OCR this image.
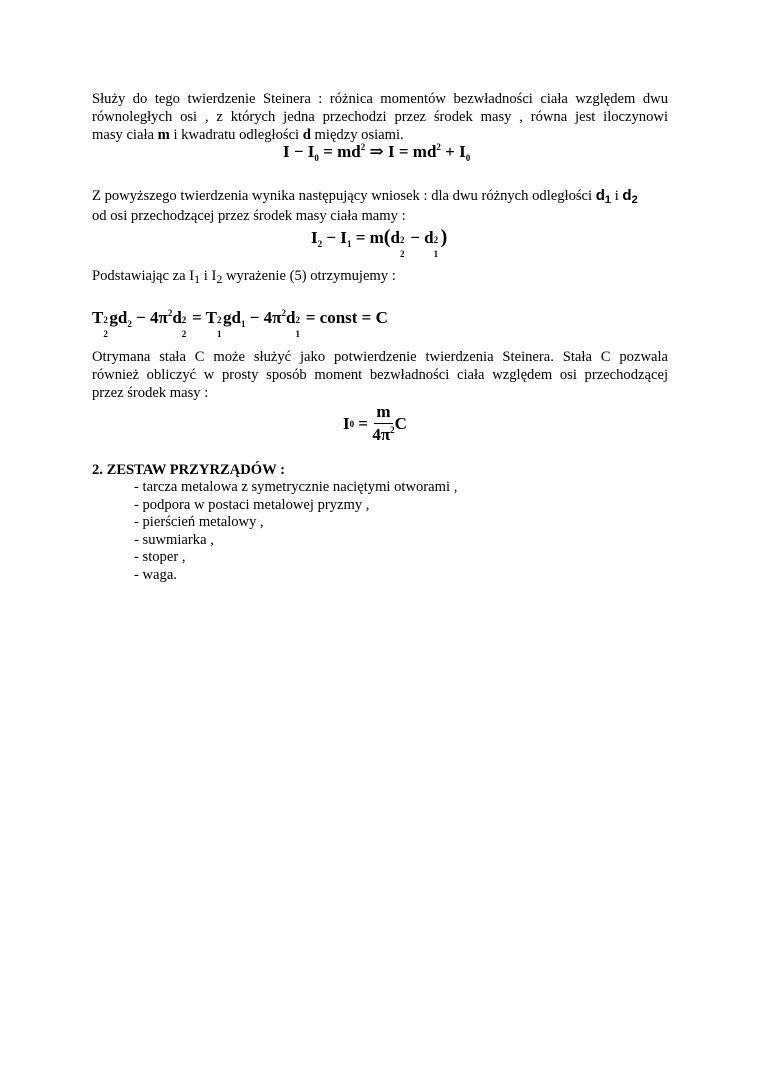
Służy do tego twierdzenie Steinera : różnica momentów bezwładności ciała względem dwu
równoległych osi , z których jedna przechodzi przez środek masy , równa jest iloczynowi
masy ciała m i kwadratu odległości d między osiami.
$I - I_0 = md^2$ ⇒ $I = md^2 + I_0$
Z powyższego twierdzenia wynika następujący wniosek : dla dwu różnych odległości $d_1$ i $d_2$
od osi przechodzącej przez środek masy ciała mamy :
$I_2 - I_1 = m(d$ 2
2
− d 2
1
)
Podstawiając za $I_1$ i $I_2$ wyrażenie (5) otrzymujemy :
T 2
2
$gd_2 - 4\pi^2d$ 2
2
= T 2
1
$gd_1 - 4\pi^2d$ 2
1
= const = C
Otrymana stała C może służyć jako potwierdzenie twierdzenia Steinera. Stała C pozwala
również obliczyć w prosty sposób moment bezwładności ciała względem osi przechodzącej
przez środek masy :
I $0 = \frac{m}{4\pi^2}$ C
2. ZESTAW PRZYRZĄDÓW :
- tarcza metalowa z symetrycznie naciętymi otworami ,
- podpora w postaci metalowej pryzmy ,
- pierścień metalowy ,
- suwmiarka ,
- stoper ,
- waga.
